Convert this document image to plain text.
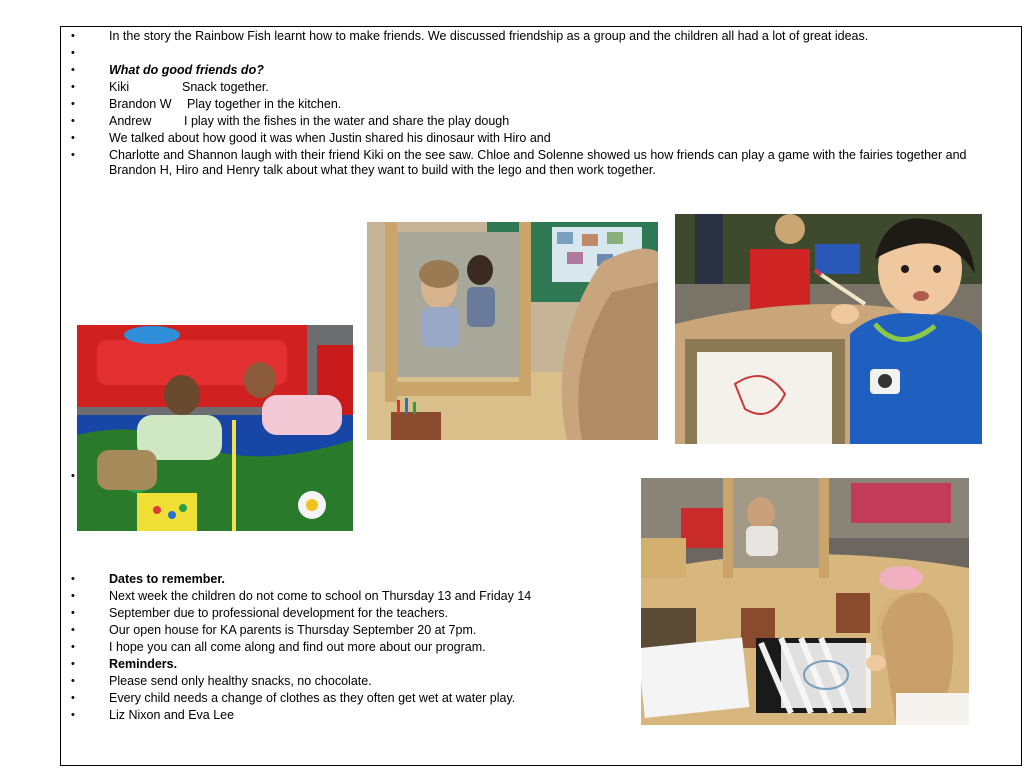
•	In the story the Rainbow Fish learnt how to make friends. We discussed friendship as a group and the children all had a lot of great ideas.
•
•	What do good friends do?
•	Kiki	Snack together.
•	Brandon W Play together in the kitchen.
•	Andrew	I play with the fishes in the water and share the play dough
•	We talked about how good it was when Justin shared his dinosaur with Hiro and
•	Charlotte and Shannon laugh with their friend Kiki on the see saw. Chloe and Solenne showed us how friends can play a game with the fairies together and Brandon H, Hiro and Henry talk about what they want to build with the lego and then work together.
•
•	Dates to remember.
•	Next week the children do not come to school on Thursday 13 and Friday 14
•	September due to professional development for the teachers.
•	Our open house for KA parents is Thursday September 20 at 7pm.
•	I hope you can all come along and find out more about our program.
•	Reminders.
•	Please send only healthy snacks, no chocolate.
•	Every child needs a change of clothes as they often get wet at water play.
•	Liz Nixon and Eva Lee
